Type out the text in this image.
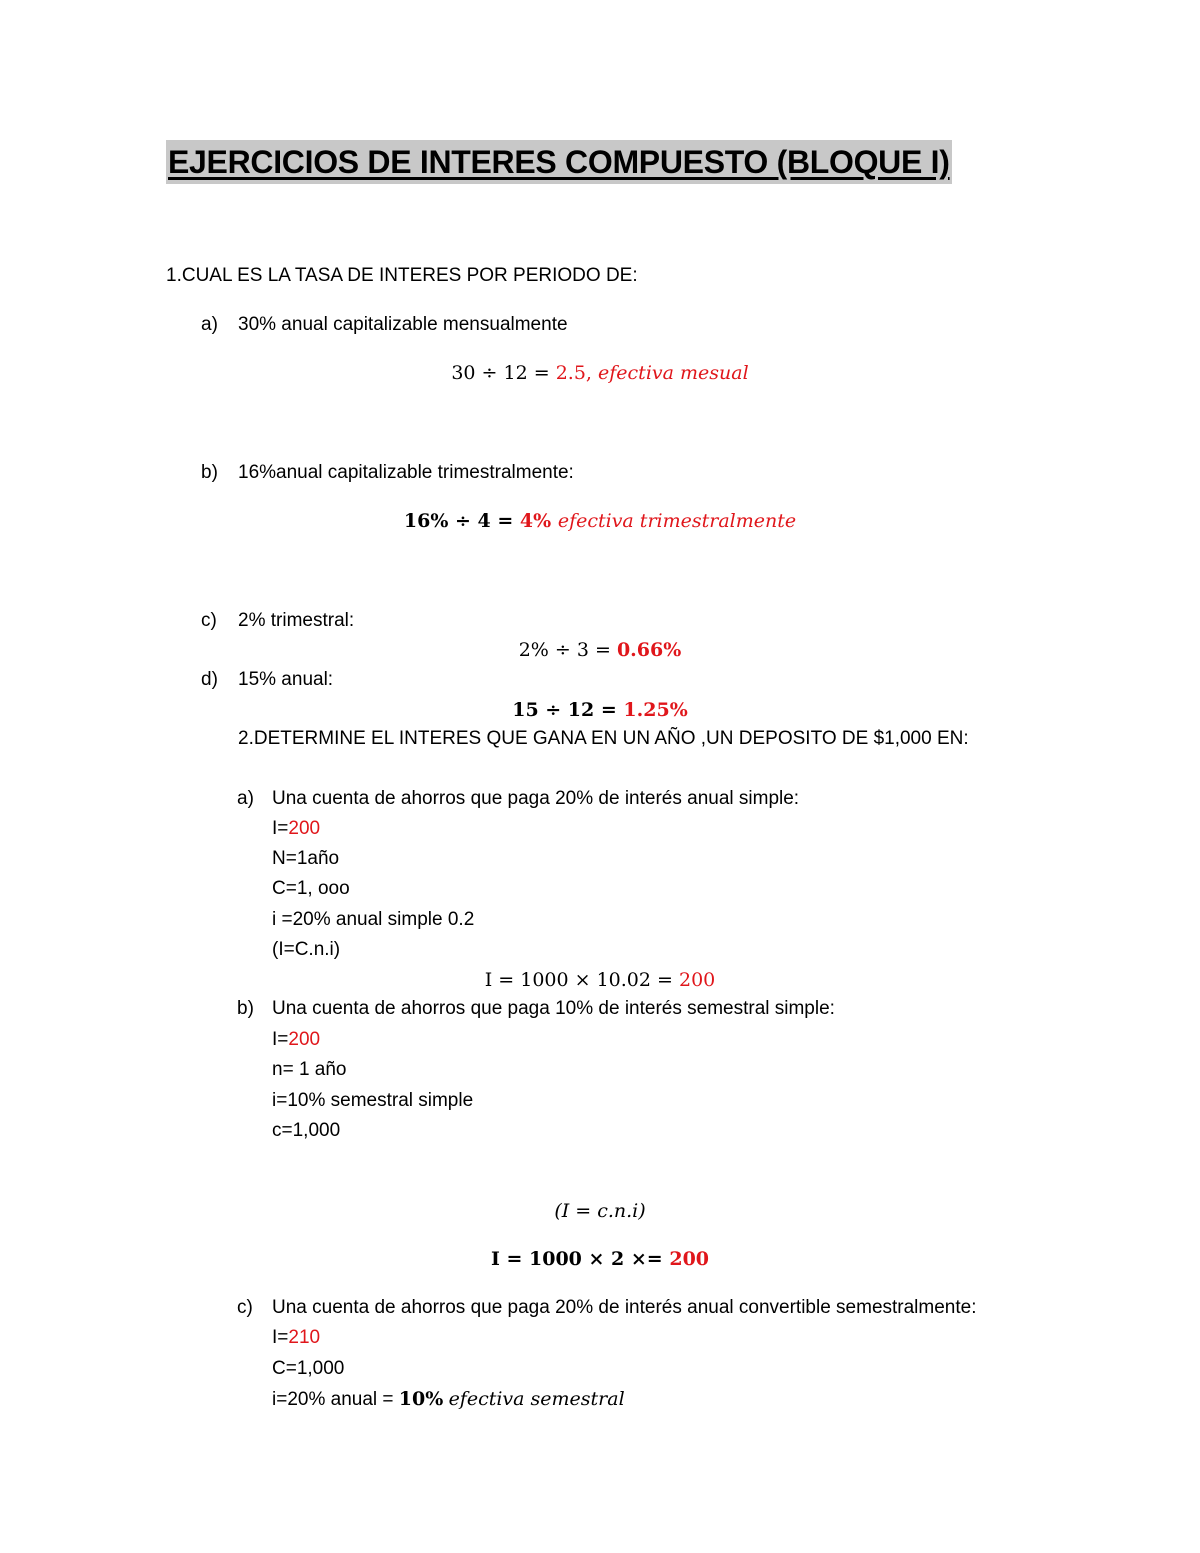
EJERCICIOS DE INTERES COMPUESTO (BLOQUE I)
1.CUAL ES LA TASA DE INTERES POR PERIODO DE:
a) 30% anual capitalizable mensualmente
30 ÷ 12 = 2.5, efectiva mesual
b) 16%anual capitalizable trimestralmente:
16% ÷ 4 = 4% efectiva trimestralmente
c) 2% trimestral:
2% ÷ 3 = 0.66%
d) 15% anual:
15 ÷ 12 = 1.25%
2.DETERMINE EL INTERES QUE GANA EN UN AÑO ,UN DEPOSITO DE $1,000 EN:
a) Una cuenta de ahorros que paga 20% de interés anual simple:
I=200
N=1año
C=1, ooo
i =20% anual simple 0.2
(I=C.n.i)
I = 1000 × 10.02 = 200
b) Una cuenta de ahorros que paga 10% de interés semestral simple:
I=200
n= 1 año
i=10% semestral simple
c=1,000
(I = c.n.i)
I = 1000 × 2 ×= 200
c) Una cuenta de ahorros que paga 20% de interés anual convertible semestralmente:
I=210
C=1,000
i=20% anual = 10% efectiva semestral
